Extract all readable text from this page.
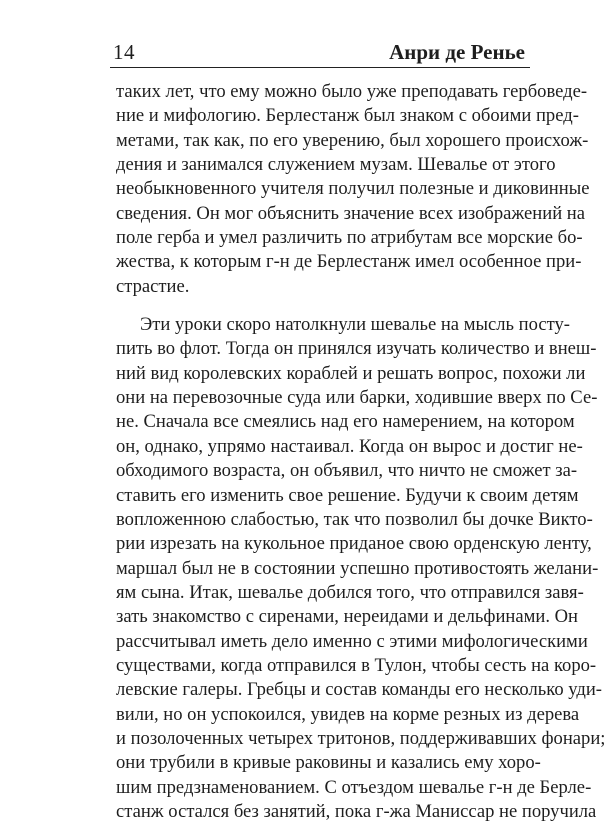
14	Анри де Ренье
таких лет, что ему можно было уже преподавать гербоведе-
ние и мифологию. Берлестанж был знаком с обоими пред-
метами, так как, по его уверению, был хорошего происхож-
дения и занимался служением музам. Шевалье от этого
необыкновенного учителя получил полезные и диковинные
сведения. Он мог объяснить значение всех изображений на
поле герба и умел различить по атрибутам все морские бо-
жества, к которым г-н де Берлестанж имел особенное при-
страстие.
Эти уроки скоро натолкнули шевалье на мысль посту-
пить во флот. Тогда он принялся изучать количество и внеш-
ний вид королевских кораблей и решать вопрос, похожи ли
они на перевозочные суда или барки, ходившие вверх по Се-
не. Сначала все смеялись над его намерением, на котором
он, однако, упрямо настаивал. Когда он вырос и достиг не-
обходимого возраста, он объявил, что ничто не сможет за-
ставить его изменить свое решение. Будучи к своим детям
вопложенною слабостью, так что позволил бы дочке Викто-
рии изрезать на кукольное приданое свою орденскую ленту,
маршал был не в состоянии успешно противостоять желани-
ям сына. Итак, шевалье добился того, что отправился завя-
зать знакомство с сиренами, нереидами и дельфинами. Он
рассчитывал иметь дело именно с этими мифологическими
существами, когда отправился в Тулон, чтобы сесть на коро-
левские галеры. Гребцы и состав команды его несколько уди-
вили, но он успокоился, увидев на корме резных из дерева
и позолоченных четырех тритонов, поддерживавших фонари;
они трубили в кривые раковины и казались ему хоро-
шим предзнаменованием. С отъездом шевалье г-н де Берле-
станж остался без занятий, пока г-жа Маниссар не поручила
